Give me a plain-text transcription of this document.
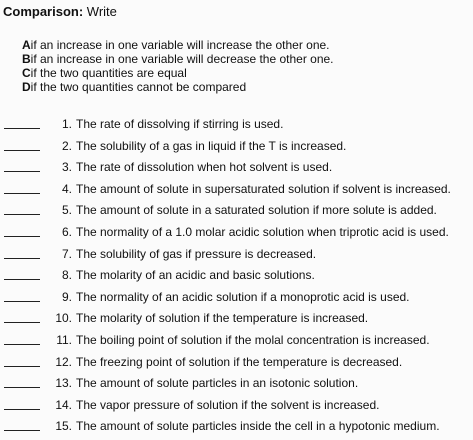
Comparison: Write
Aif an increase in one variable will increase the other one.
Bif an increase in one variable will decrease the other one.
Cif the two quantities are equal
Dif the two quantities cannot be compared
1. The rate of dissolving if stirring is used.
2. The solubility of a gas in liquid if the T is increased.
3. The rate of dissolution when hot solvent is used.
4. The amount of solute in supersaturated solution if solvent is increased.
5. The amount of solute in a saturated solution if more solute is added.
6. The normality of a 1.0 molar acidic solution when triprotic acid is used.
7. The solubility of gas if pressure is decreased.
8. The molarity of an acidic and basic solutions.
9. The normality of an acidic solution if a monoprotic acid is used.
10. The molarity of solution if the temperature is increased.
11. The boiling point of solution if the molal concentration is increased.
12. The freezing point of solution if the temperature is decreased.
13. The amount of solute particles in an isotonic solution.
14. The vapor pressure of solution if the solvent is increased.
15. The amount of solute particles inside the cell in a hypotonic medium.
